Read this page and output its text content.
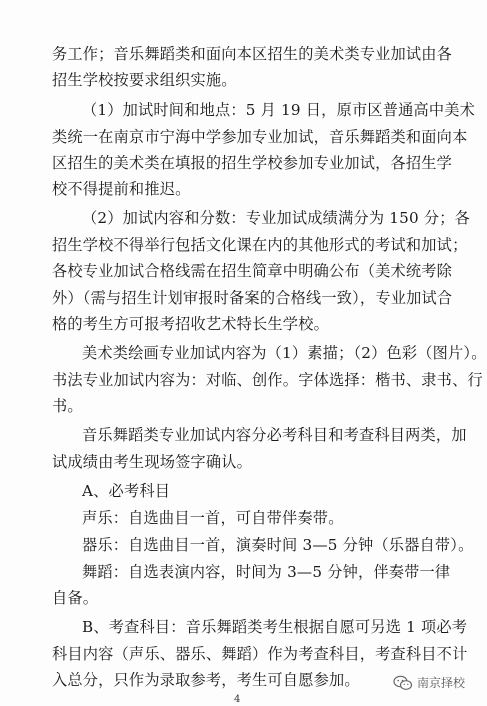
务工作；音乐舞蹈类和面向本区招生的美术类专业加试由各
招生学校按要求组织实施。
（1）加试时间和地点：5 月 19 日，原市区普通高中美术
类统一在南京市宁海中学参加专业加试，音乐舞蹈类和面向本
区招生的美术类在填报的招生学校参加专业加试，各招生学
校不得提前和推迟。
（2）加试内容和分数：专业加试成绩满分为 150 分；各
招生学校不得举行包括文化课在内的其他形式的考试和加试；
各校专业加试合格线需在招生简章中明确公布（美术统考除
外）（需与招生计划审报时备案的合格线一致），专业加试合
格的考生方可报考招收艺术特长生学校。
美术类绘画专业加试内容为（1）素描；（2）色彩（图片）。
书法专业加试内容为：对临、创作。字体选择：楷书、隶书、行
书。
音乐舞蹈类专业加试内容分必考科目和考查科目两类，加
试成绩由考生现场签字确认。
A、必考科目
声乐：自选曲目一首，可自带伴奏带。
器乐：自选曲目一首，演奏时间 3—5 分钟（乐器自带）。
舞蹈：自选表演内容，时间为 3—5 分钟，伴奏带一律
自备。
B、考查科目：音乐舞蹈类考生根据自愿可另选 1 项必考
科目内容（声乐、器乐、舞蹈）作为考查科目，考查科目不计
入总分，只作为录取参考，考生可自愿参加。
4
南京择校
